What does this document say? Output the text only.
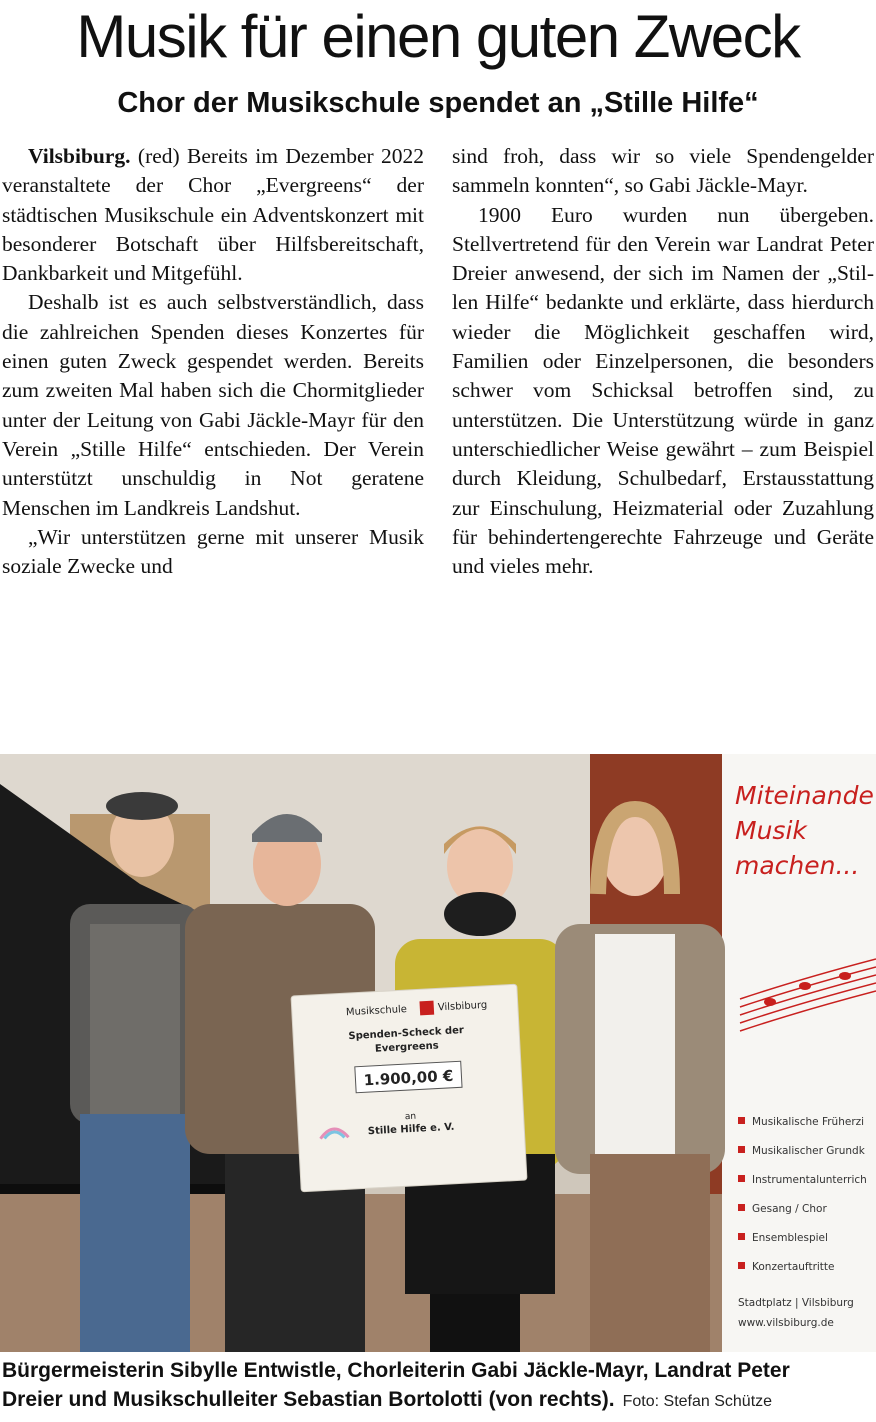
Musik für einen guten Zweck
Chor der Musikschule spendet an „Stille Hilfe“

Vilsbiburg. (red) Bereits im Dezember 2022 veranstaltete der Chor „Evergreens“ der städtischen Musikschule ein Adventskonzert mit besonderer Botschaft über Hilfsbereitschaft, Dankbarkeit und Mitgefühl.

Deshalb ist es auch selbstverständlich, dass die zahlreichen Spenden dieses Konzertes für einen guten Zweck gespendet werden. Bereits zum zweiten Mal haben sich die Chormitglieder unter der Leitung von Gabi Jäckle-Mayr für den Verein „Stille Hilfe“ entschieden. Der Verein unterstützt unschuldig in Not geratene Menschen im Landkreis Landshut.

„Wir unterstützen gerne mit unserer Musik soziale Zwecke und

sind froh, dass wir so viele Spendengelder sammeln konnten“, so Gabi Jäckle-Mayr.

1900 Euro wurden nun übergeben. Stellvertretend für den Verein war Landrat Peter Dreier anwesend, der sich im Namen der „Stillen Hilfe“ bedankte und erklärte, dass hierdurch wieder die Möglichkeit geschaffen wird, Familien oder Einzelpersonen, die besonders schwer vom Schicksal betroffen sind, zu unterstützen. Die Unterstützung würde in ganz unterschiedlicher Weise gewährt – zum Beispiel durch Kleidung, Schulbedarf, Erstausstattung zur Einschulung, Heizmaterial oder Zuzahlung für behindertengerechte Fahrzeuge und Geräte und vieles mehr.

Miteinande
Musik
machen...
Musikalische Früherzi
Musikalischer Grundk
Instrumentalunterrich
Gesang / Chor
Ensemblespiel
Konzertauftritte
Stadtplatz | Vilsbiburg
www.vilsbiburg.de
Musikschule	Vilsbiburg
Spenden-Scheck der
Evergreens
1.900,00 €
an
Stille Hilfe e. V.
Bürgermeisterin Sibylle Entwistle, Chorleiterin Gabi Jäckle-Mayr, Landrat Peter
Dreier und Musikschulleiter Sebastian Bortolotti (von rechts). Foto: Stefan Schütze
